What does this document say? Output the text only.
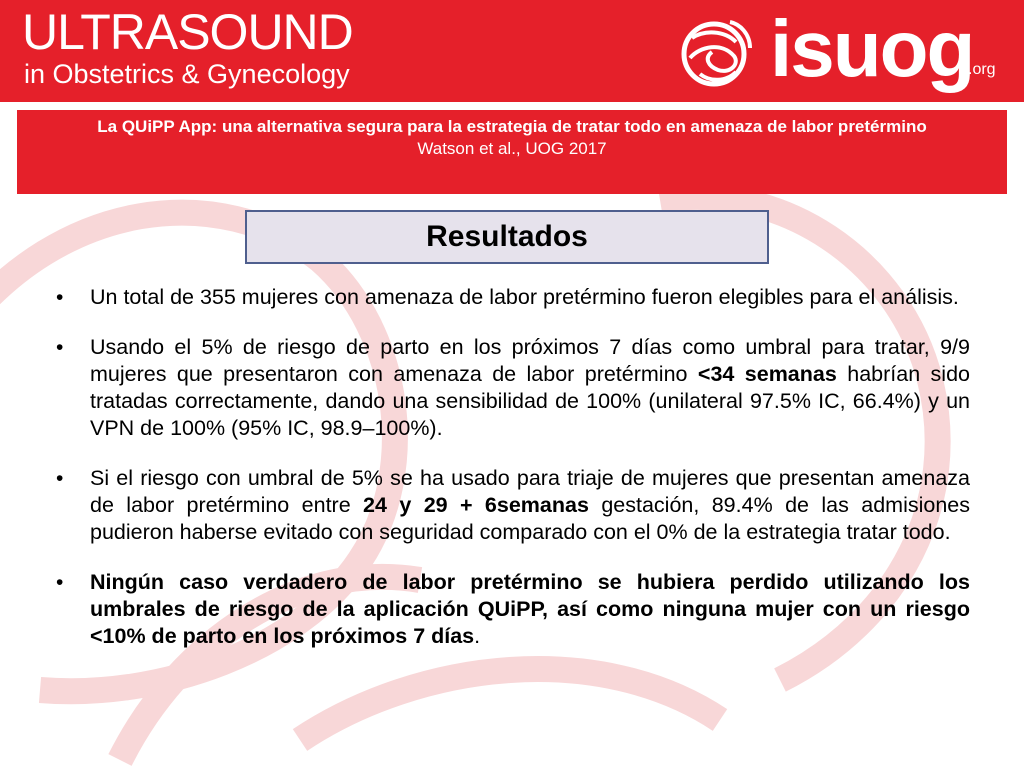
ULTRASOUND
in Obstetrics & Gynecology	isuog
.org
La QUiPP App: una alternativa segura para la estrategia de tratar todo en amenaza de labor pretérmino
Watson et al., UOG 2017
Resultados
• Un total de 355 mujeres con amenaza de labor pretérmino fueron elegibles para el análisis.
• Usando el 5% de riesgo de parto en los próximos 7 días como umbral para tratar, 9/9 mujeres que presentaron con amenaza de labor pretérmino <34 semanas habrían sido tratadas correctamente, dando una sensibilidad de 100% (unilateral 97.5% IC, 66.4%) y un VPN de 100% (95% IC, 98.9–100%).
• Si el riesgo con umbral de 5% se ha usado para triaje de mujeres que presentan amenaza de labor pretérmino entre 24 y 29 + 6semanas gestación, 89.4% de las admisiones pudieron haberse evitado con seguridad comparado con el 0% de la estrategia tratar todo.
• Ningún caso verdadero de labor pretérmino se hubiera perdido utilizando los umbrales de riesgo de la aplicación QUiPP, así como ninguna mujer con un riesgo <10% de parto en los próximos 7 días.
